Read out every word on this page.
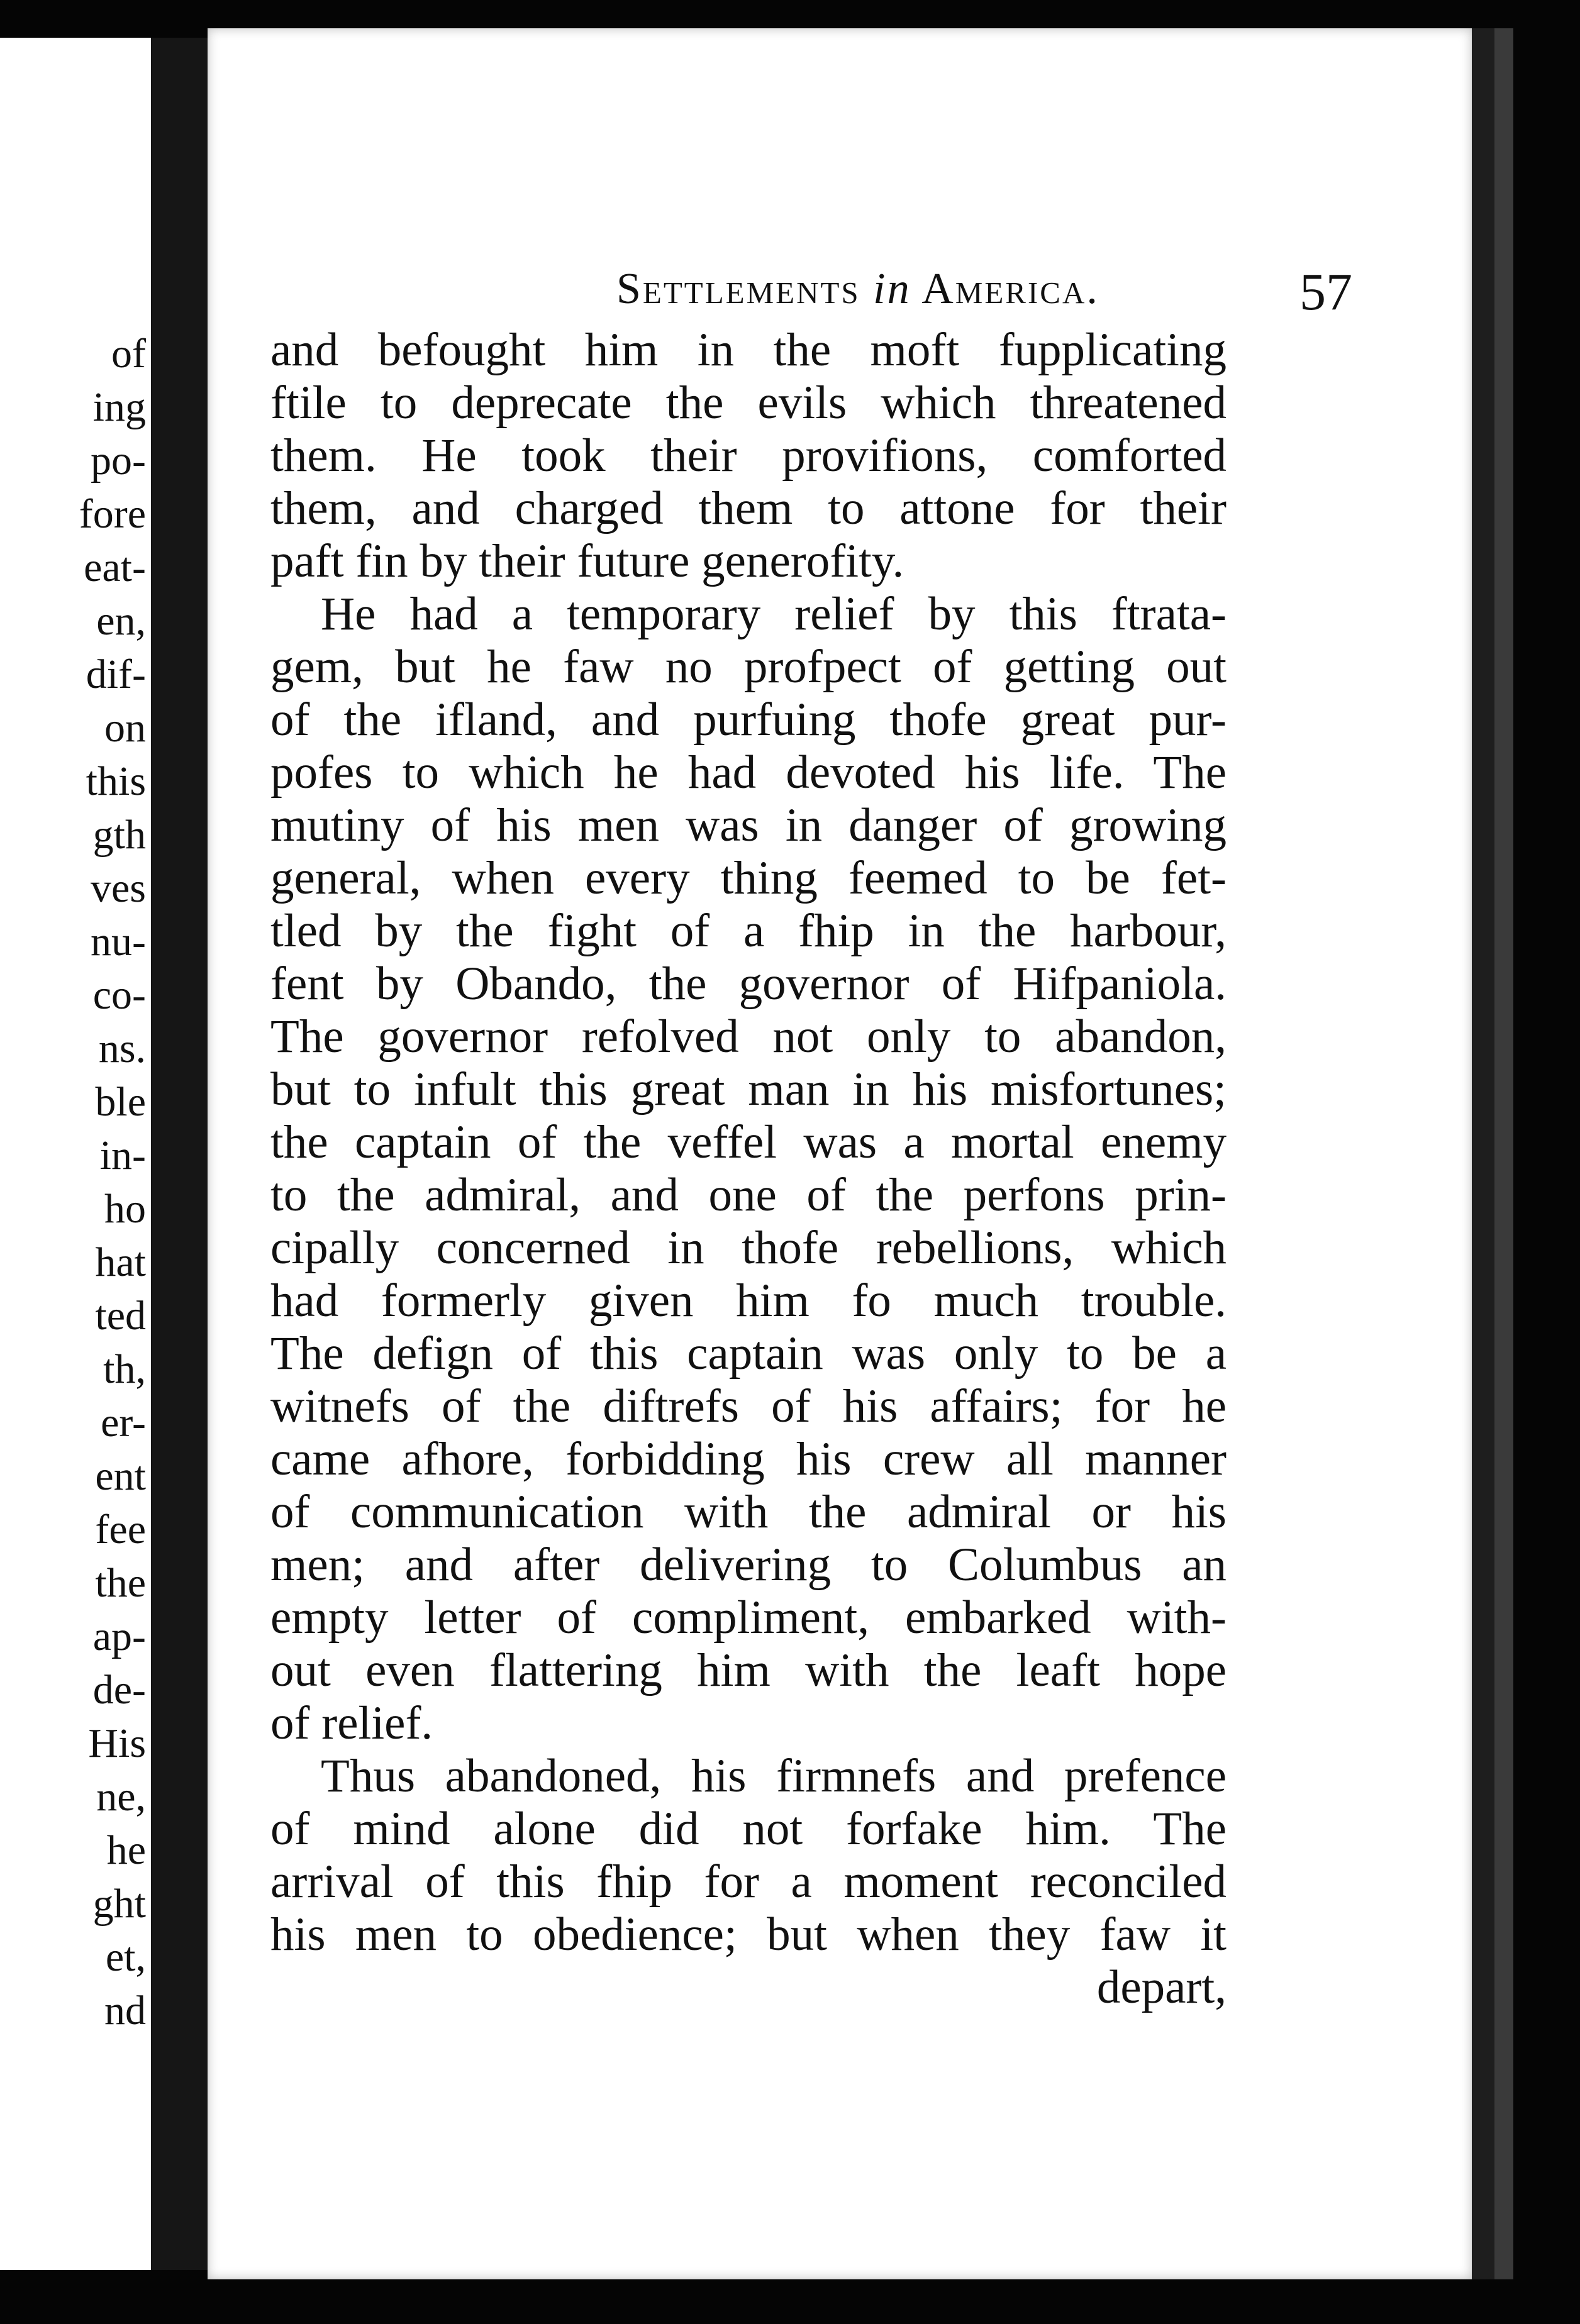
of
ing
po-
fore
eat-
en,
dif-
on
this
gth
ves
nu-
co-
ns.
ble
in-
ho
hat
ted
th,
er-
ent
fee
the
ap-
de-
His
ne,
he
ght
et,
nd
Settlements in America.	57
and befought him in the moft fupplicating
ftile to deprecate the evils which threatened
them. He took their provifions, comforted
them, and charged them to attone for their
paft fin by their future generofity.
He had a temporary relief by this ftrata-
gem, but he faw no profpect of getting out
of the ifland, and purfuing thofe great pur-
pofes to which he had devoted his life. The
mutiny of his men was in danger of growing
general, when every thing feemed to be fet-
tled by the fight of a fhip in the harbour,
fent by Obando, the governor of Hifpaniola.
The governor refolved not only to abandon,
but to infult this great man in his misfortunes;
the captain of the veffel was a mortal enemy
to the admiral, and one of the perfons prin-
cipally concerned in thofe rebellions, which
had formerly given him fo much trouble.
The defign of this captain was only to be a
witnefs of the diftrefs of his affairs; for he
came afhore, forbidding his crew all manner
of communication with the admiral or his
men; and after delivering to Columbus an
empty letter of compliment, embarked with-
out even flattering him with the leaft hope
of relief.
Thus abandoned, his firmnefs and prefence
of mind alone did not forfake him. The
arrival of this fhip for a moment reconciled
his men to obedience; but when they faw it
depart,
